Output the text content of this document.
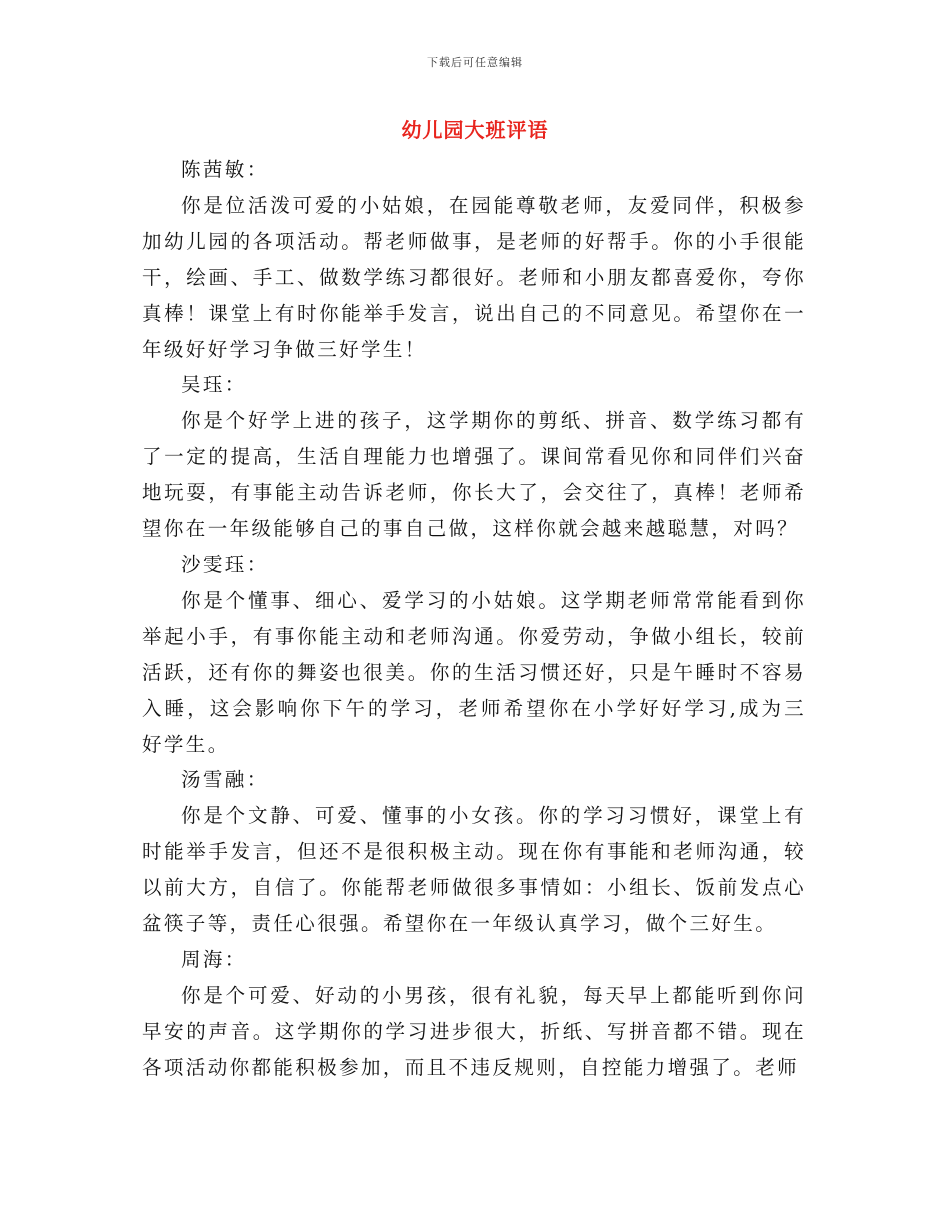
下载后可任意编辑
幼儿园大班评语

陈茜敏：

你是位活泼可爱的小姑娘，在园能尊敬老师，友爱同伴，积极参加幼儿园的各项活动。帮老师做事，是老师的好帮手。你的小手很能干，绘画、手工、做数学练习都很好。老师和小朋友都喜爱你，夸你真棒！课堂上有时你能举手发言，说出自己的不同意见。希望你在一年级好好学习争做三好学生！

吴珏：

你是个好学上进的孩子，这学期你的剪纸、拼音、数学练习都有了一定的提高，生活自理能力也增强了。课间常看见你和同伴们兴奋地玩耍，有事能主动告诉老师，你长大了，会交往了，真棒！老师希望你在一年级能够自己的事自己做，这样你就会越来越聪慧，对吗？

沙雯珏：

你是个懂事、细心、爱学习的小姑娘。这学期老师常常能看到你举起小手，有事你能主动和老师沟通。你爱劳动，争做小组长，较前活跃，还有你的舞姿也很美。你的生活习惯还好，只是午睡时不容易入睡，这会影响你下午的学习，老师希望你在小学好好学习,成为三好学生。

汤雪融：

你是个文静、可爱、懂事的小女孩。你的学习习惯好，课堂上有时能举手发言，但还不是很积极主动。现在你有事能和老师沟通，较以前大方，自信了。你能帮老师做很多事情如：小组长、饭前发点心盆筷子等，责任心很强。希望你在一年级认真学习，做个三好生。

周海：

你是个可爱、好动的小男孩，很有礼貌，每天早上都能听到你问早安的声音。这学期你的学习进步很大，折纸、写拼音都不错。现在各项活动你都能积极参加，而且不违反规则，自控能力增强了。老师
